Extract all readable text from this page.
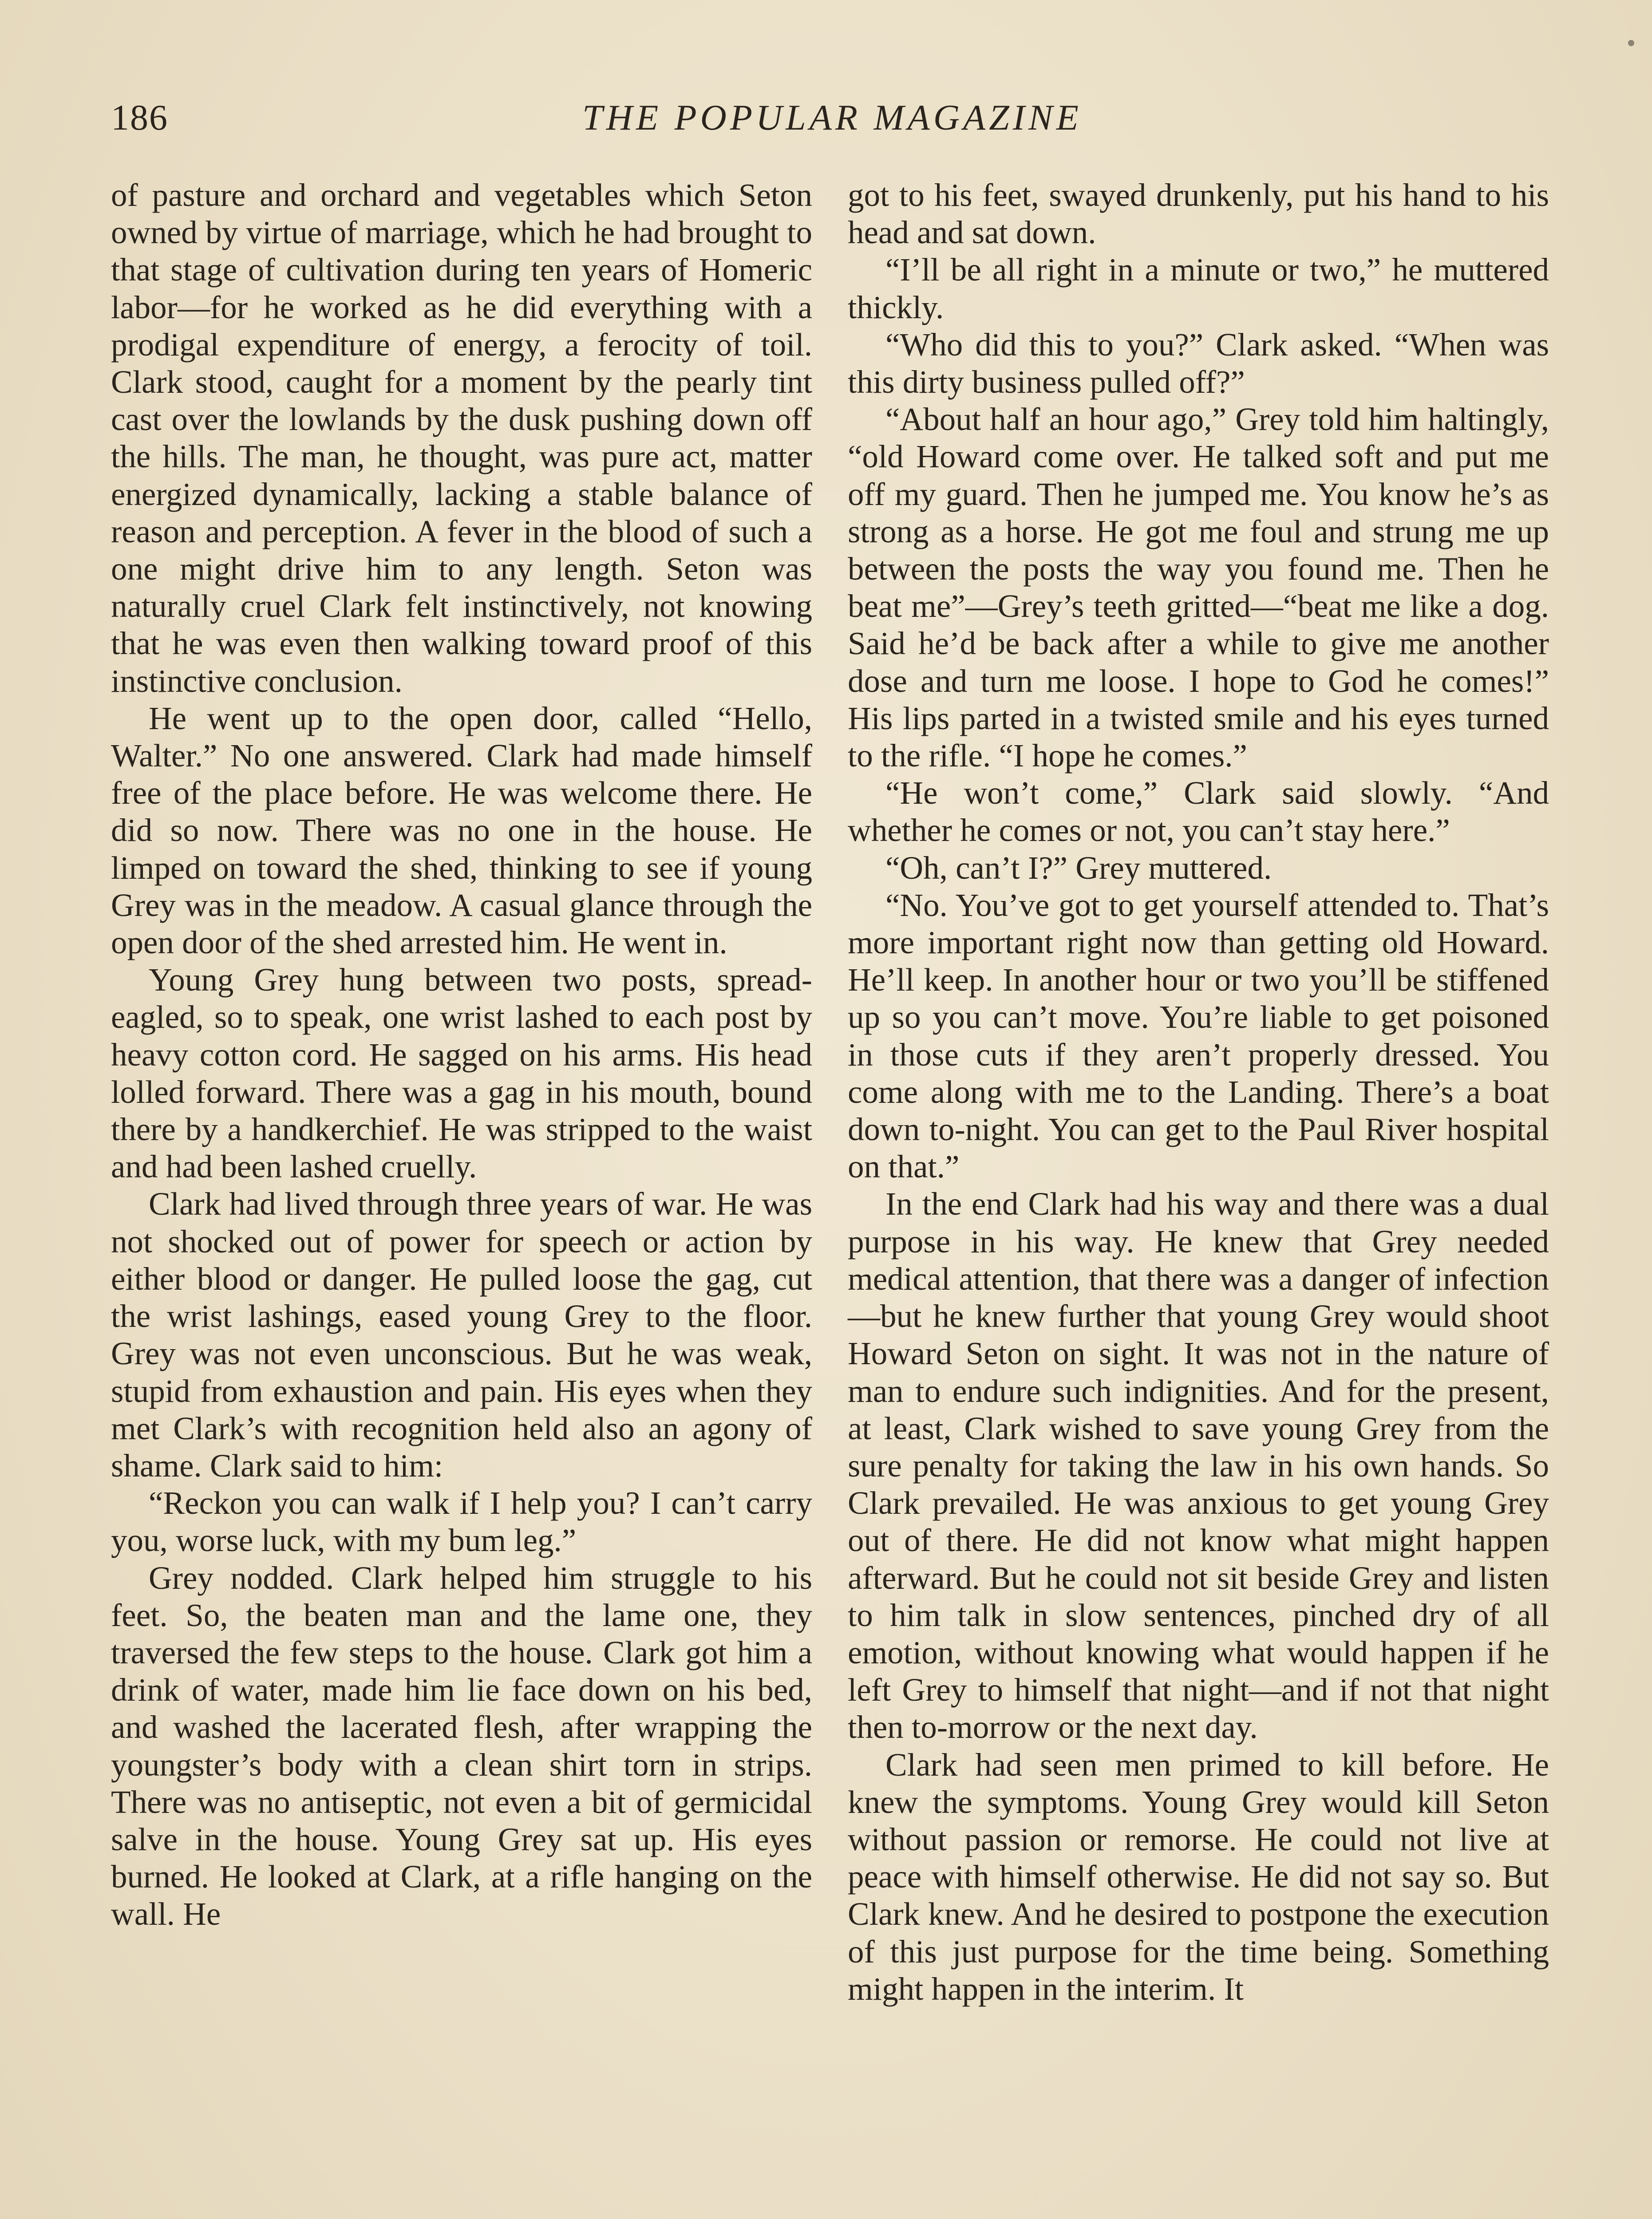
THE POPULAR MAGAZINE
186

of pasture and orchard and vegetables which Seton owned by virtue of marriage, which he had brought to that stage of cultivation during ten years of Homeric labor—for he worked as he did everything with a prodigal expenditure of energy, a ferocity of toil. Clark stood, caught for a moment by the pearly tint cast over the lowlands by the dusk pushing down off the hills. The man, he thought, was pure act, matter energized dynamically, lacking a stable balance of reason and perception. A fever in the blood of such a one might drive him to any length. Seton was naturally cruel Clark felt instinctively, not knowing that he was even then walking toward proof of this instinctive conclusion.

He went up to the open door, called “Hello, Walter.” No one answered. Clark had made himself free of the place before. He was welcome there. He did so now. There was no one in the house. He limped on toward the shed, thinking to see if young Grey was in the meadow. A casual glance through the open door of the shed arrested him. He went in.

Young Grey hung between two posts, spread-eagled, so to speak, one wrist lashed to each post by heavy cotton cord. He sagged on his arms. His head lolled forward. There was a gag in his mouth, bound there by a handkerchief. He was stripped to the waist and had been lashed cruelly.

Clark had lived through three years of war. He was not shocked out of power for speech or action by either blood or danger. He pulled loose the gag, cut the wrist lashings, eased young Grey to the floor. Grey was not even unconscious. But he was weak, stupid from exhaustion and pain. His eyes when they met Clark’s with recognition held also an agony of shame. Clark said to him:

“Reckon you can walk if I help you? I can’t carry you, worse luck, with my bum leg.”

Grey nodded. Clark helped him struggle to his feet. So, the beaten man and the lame one, they traversed the few steps to the house. Clark got him a drink of water, made him lie face down on his bed, and washed the lacerated flesh, after wrapping the youngster’s body with a clean shirt torn in strips. There was no antiseptic, not even a bit of germicidal salve in the house. Young Grey sat up. His eyes burned. He looked at Clark, at a rifle hanging on the wall. He

got to his feet, swayed drunkenly, put his hand to his head and sat down.

“I’ll be all right in a minute or two,” he muttered thickly.

“Who did this to you?” Clark asked. “When was this dirty business pulled off?”

“About half an hour ago,” Grey told him haltingly, “old Howard come over. He talked soft and put me off my guard. Then he jumped me. You know he’s as strong as a horse. He got me foul and strung me up between the posts the way you found me. Then he beat me”—Grey’s teeth gritted—“beat me like a dog. Said he’d be back after a while to give me another dose and turn me loose. I hope to God he comes!” His lips parted in a twisted smile and his eyes turned to the rifle. “I hope he comes.”

“He won’t come,” Clark said slowly. “And whether he comes or not, you can’t stay here.”

“Oh, can’t I?” Grey muttered.

“No. You’ve got to get yourself attended to. That’s more important right now than getting old Howard. He’ll keep. In another hour or two you’ll be stiffened up so you can’t move. You’re liable to get poisoned in those cuts if they aren’t properly dressed. You come along with me to the Landing. There’s a boat down to-night. You can get to the Paul River hospital on that.”

In the end Clark had his way and there was a dual purpose in his way. He knew that Grey needed medical attention, that there was a danger of infection—but he knew further that young Grey would shoot Howard Seton on sight. It was not in the nature of man to endure such indignities. And for the present, at least, Clark wished to save young Grey from the sure penalty for taking the law in his own hands. So Clark prevailed. He was anxious to get young Grey out of there. He did not know what might happen afterward. But he could not sit beside Grey and listen to him talk in slow sentences, pinched dry of all emotion, without knowing what would happen if he left Grey to himself that night—and if not that night then to-morrow or the next day.

Clark had seen men primed to kill before. He knew the symptoms. Young Grey would kill Seton without passion or remorse. He could not live at peace with himself otherwise. He did not say so. But Clark knew. And he desired to postpone the execution of this just purpose for the time being. Something might happen in the interim. It
